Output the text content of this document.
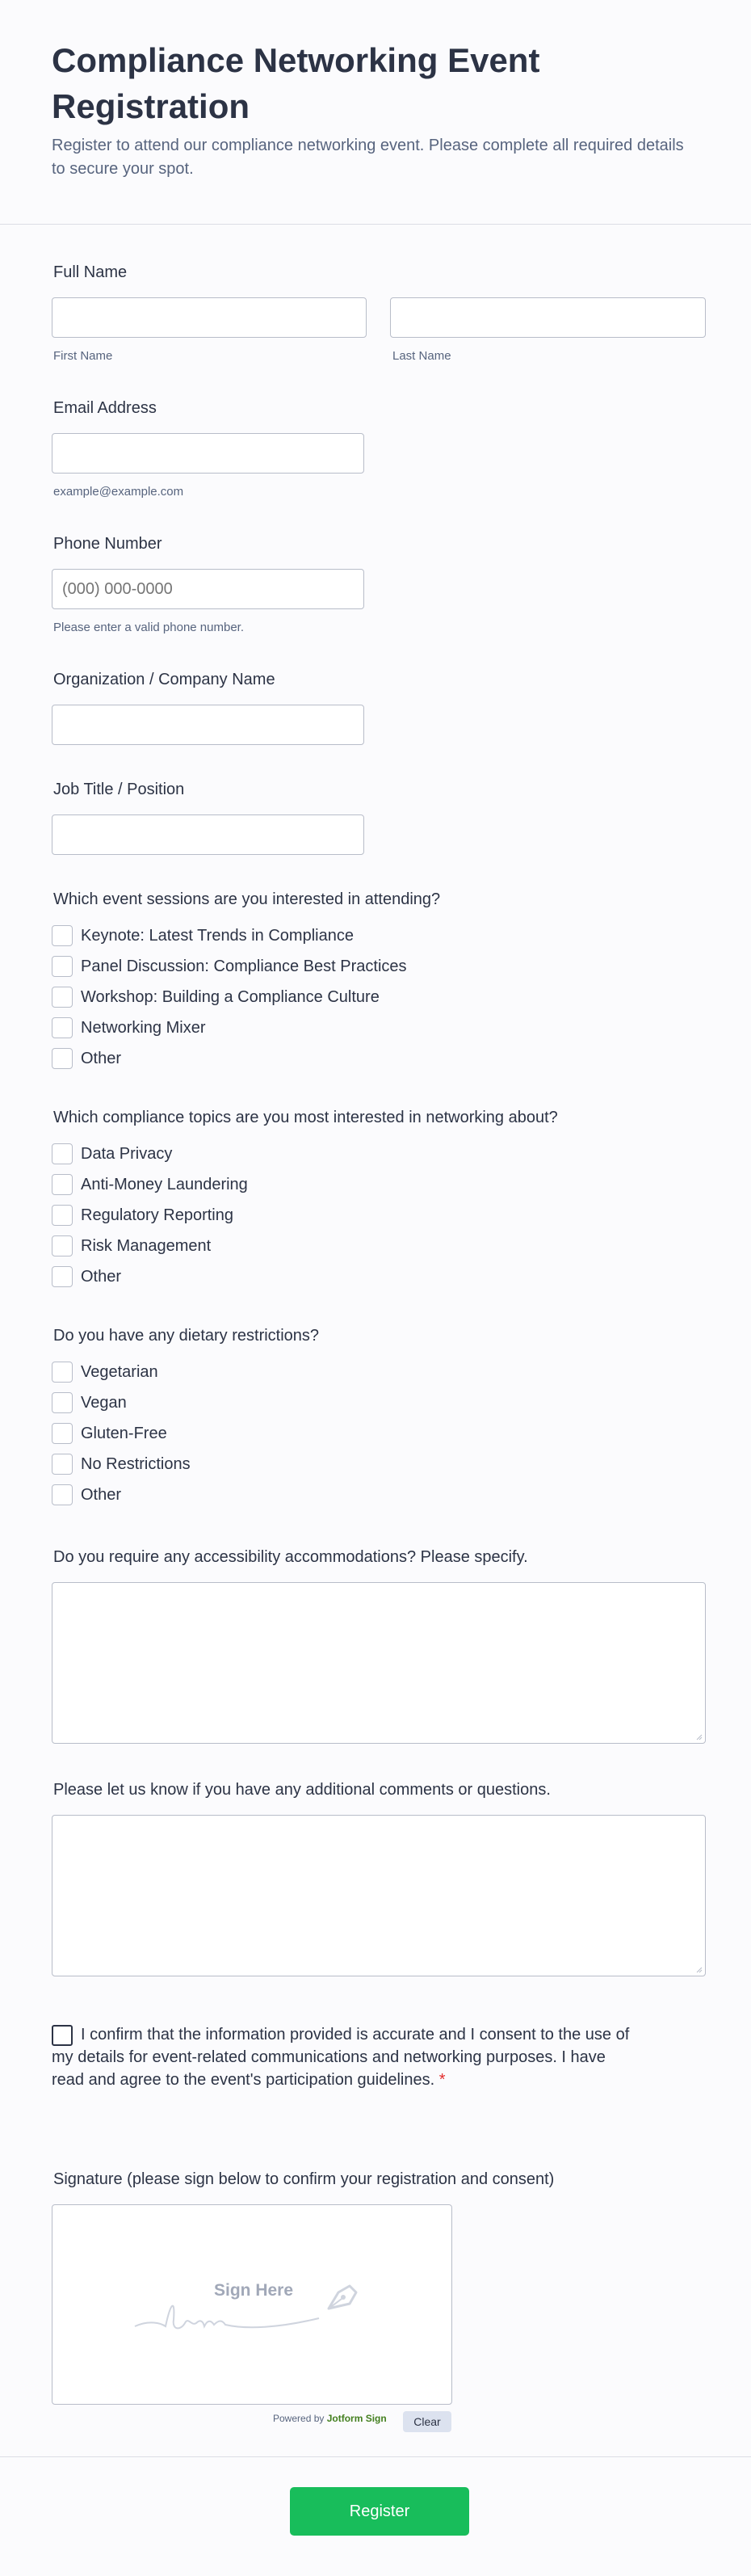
Compliance Networking Event Registration

Register to attend our compliance networking event. Please complete all required details to secure your spot.

Full Name
First Name	Last Name
Email Address
example@example.com
Phone Number
(000) 000-0000
Please enter a valid phone number.
Organization / Company Name
Job Title / Position
Which event sessions are you interested in attending?
Keynote: Latest Trends in Compliance
Panel Discussion: Compliance Best Practices
Workshop: Building a Compliance Culture
Networking Mixer
Other
Which compliance topics are you most interested in networking about?
Data Privacy
Anti-Money Laundering
Regulatory Reporting
Risk Management
Other
Do you have any dietary restrictions?
Vegetarian
Vegan
Gluten-Free
No Restrictions
Other
Do you require any accessibility accommodations? Please specify.
Please let us know if you have any additional comments or questions.
I confirm that the information provided is accurate and I consent to the use of my details for event-related communications and networking purposes. I have read and agree to the event's participation guidelines. *
Signature (please sign below to confirm your registration and consent)
Sign Here
Powered by Jotform Sign	Clear
Register
